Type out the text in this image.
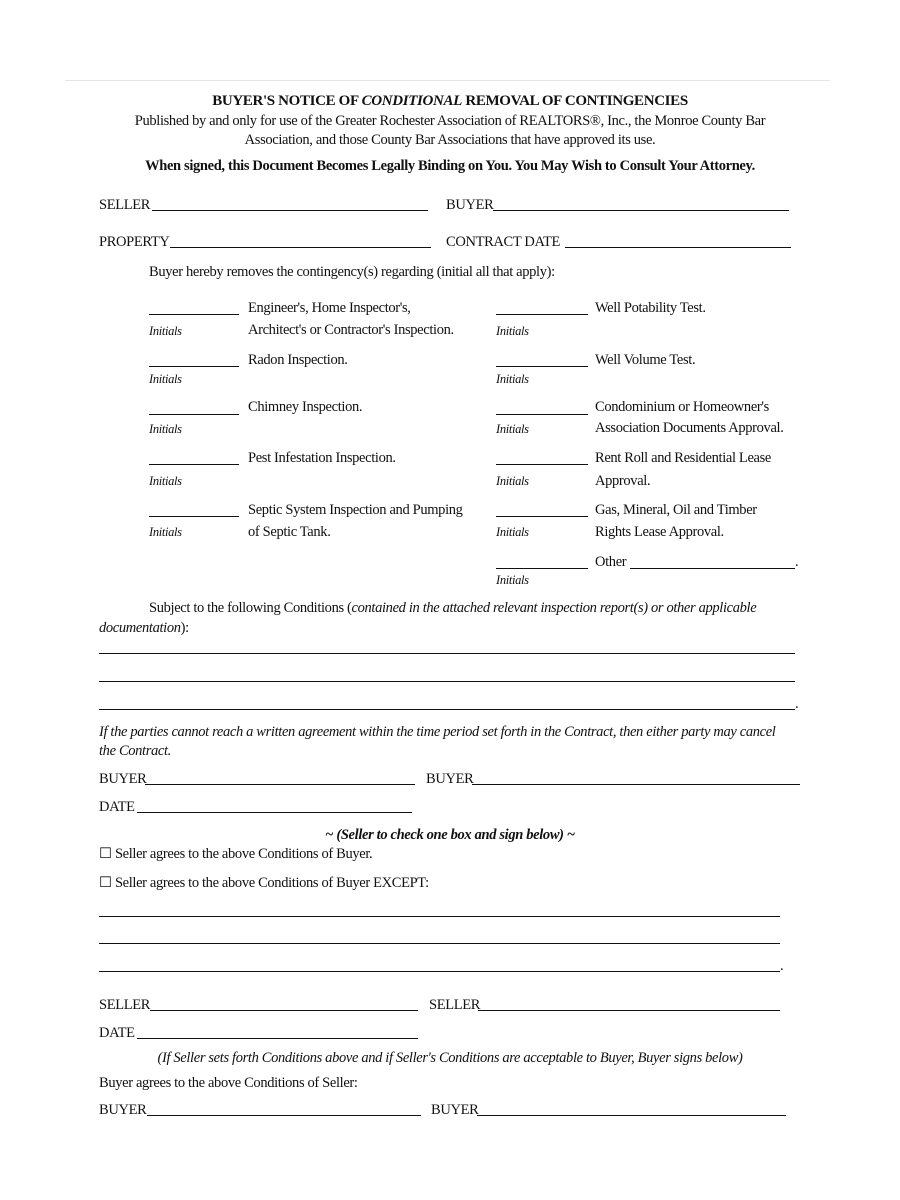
BUYER'S NOTICE OF CONDITIONAL REMOVAL OF CONTINGENCIES
Published by and only for use of the Greater Rochester Association of REALTORS®, Inc., the Monroe County Bar
Association, and those County Bar Associations that have approved its use.
When signed, this Document Becomes Legally Binding on You. You May Wish to Consult Your Attorney.
SELLER	BUYER
PROPERTY	CONTRACT DATE
Buyer hereby removes the contingency(s) regarding (initial all that apply):
Engineer's, Home Inspector's,
Architect's or Contractor's Inspection.
Initials
Radon Inspection.
Initials
Chimney Inspection.
Initials
Pest Infestation Inspection.
Initials
Septic System Inspection and Pumping
of Septic Tank.
Initials
Well Potability Test.
Initials
Well Volume Test.
Initials
Condominium or Homeowner's
Association Documents Approval.
Initials
Rent Roll and Residential Lease
Approval.
Initials
Gas, Mineral, Oil and Timber
Rights Lease Approval.
Initials
Other	.
Initials
Subject to the following Conditions (contained in the attached relevant inspection report(s) or other applicable
documentation):
.
If the parties cannot reach a written agreement within the time period set forth in the Contract, then either party may cancel
the Contract.
BUYER	BUYER
DATE
~ (Seller to check one box and sign below) ~
☐ Seller agrees to the above Conditions of Buyer.
☐ Seller agrees to the above Conditions of Buyer EXCEPT:
.
SELLER	SELLER
DATE
(If Seller sets forth Conditions above and if Seller's Conditions are acceptable to Buyer, Buyer signs below)
Buyer agrees to the above Conditions of Seller:
BUYER	BUYER
